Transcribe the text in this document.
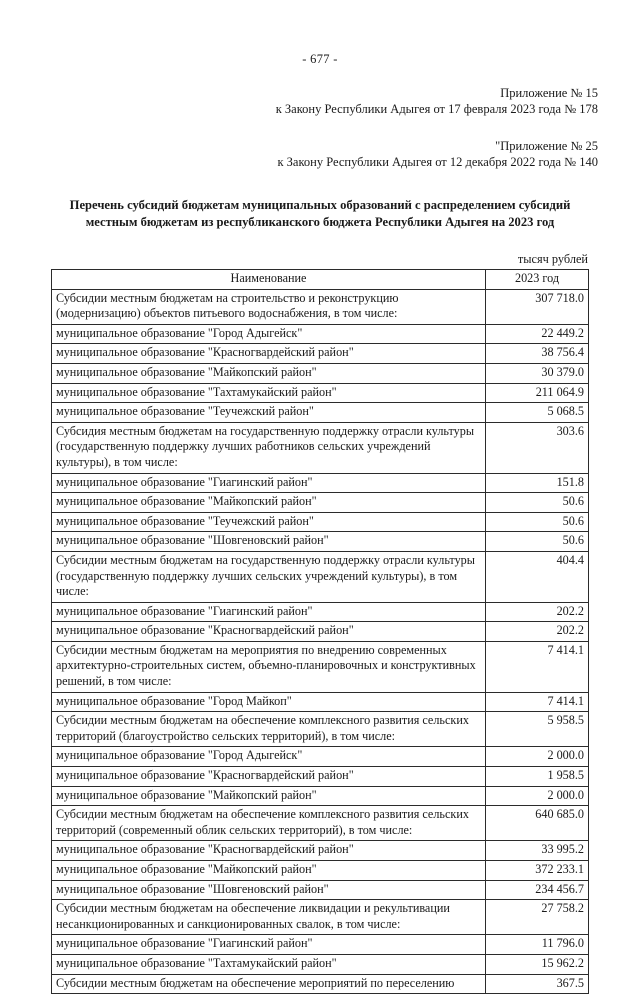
- 677 -
Приложение № 15
к Закону Республики Адыгея от 17 февраля 2023 года № 178
"Приложение № 25
к Закону Республики Адыгея от 12 декабря 2022 года № 140
Перечень субсидий бюджетам муниципальных образований с распределением субсидий
местным бюджетам из республиканского бюджета Республики Адыгея на 2023 год
тысяч рублей
Наименование	2023 год
Субсидии местным бюджетам на строительство и реконструкцию (модернизацию) объектов питьевого водоснабжения, в том числе:	307 718.0
муниципальное образование "Город Адыгейск"	22 449.2
муниципальное образование "Красногвардейский район"	38 756.4
муниципальное образование "Майкопский район"	30 379.0
муниципальное образование "Тахтамукайский район"	211 064.9
муниципальное образование "Теучежский район"	5 068.5
Субсидия местным бюджетам на государственную поддержку отрасли культуры (государственную поддержку лучших работников сельских учреждений культуры), в том числе:	303.6
муниципальное образование "Гиагинский район"	151.8
муниципальное образование "Майкопский район"	50.6
муниципальное образование "Теучежский район"	50.6
муниципальное образование "Шовгеновский район"	50.6
Субсидии местным бюджетам на государственную поддержку отрасли культуры (государственную поддержку лучших сельских учреждений культуры), в том числе:	404.4
муниципальное образование "Гиагинский район"	202.2
муниципальное образование "Красногвардейский район"	202.2
Субсидии местным бюджетам на мероприятия по внедрению современных архитектурно-строительных систем, объемно-планировочных и конструктивных решений, в том числе:	7 414.1
муниципальное образование "Город Майкоп"	7 414.1
Субсидии местным бюджетам на обеспечение комплексного развития сельских территорий (благоустройство сельских территорий), в том числе:	5 958.5
муниципальное образование "Город Адыгейск"	2 000.0
муниципальное образование "Красногвардейский район"	1 958.5
муниципальное образование "Майкопский район"	2 000.0
Субсидии местным бюджетам на обеспечение комплексного развития сельских территорий (современный облик сельских территорий), в том числе:	640 685.0
муниципальное образование "Красногвардейский район"	33 995.2
муниципальное образование "Майкопский район"	372 233.1
муниципальное образование "Шовгеновский район"	234 456.7
Субсидии местным бюджетам на обеспечение ликвидации и рекультивации несанкционированных и санкционированных свалок, в том числе:	27 758.2
муниципальное образование "Гиагинский район"	11 796.0
муниципальное образование "Тахтамукайский район"	15 962.2
Субсидии местным бюджетам на обеспечение мероприятий по переселению	367.5
